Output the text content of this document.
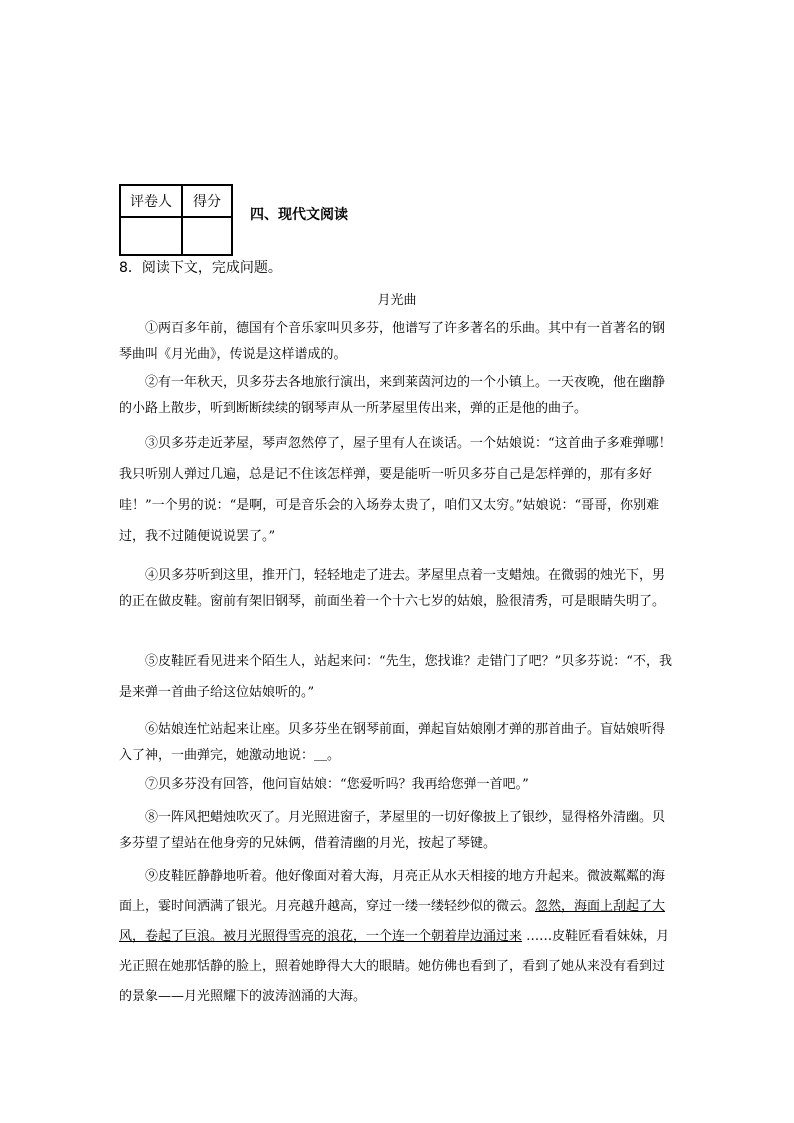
评卷人	得分

四、现代文阅读
8．阅读下文，完成问题。
月光曲

①两百多年前，德国有个音乐家叫贝多芬，他谱写了许多著名的乐曲。其中有一首著名的钢琴曲叫《月光曲》，传说是这样谱成的。

②有一年秋天，贝多芬去各地旅行演出，来到莱茵河边的一个小镇上。一天夜晚，他在幽静的小路上散步，听到断断续续的钢琴声从一所茅屋里传出来，弹的正是他的曲子。

③贝多芬走近茅屋，琴声忽然停了，屋子里有人在谈话。一个姑娘说：“这首曲子多难弹哪！我只听别人弹过几遍，总是记不住该怎样弹，要是能听一听贝多芬自己是怎样弹的，那有多好哇！”一个男的说：“是啊，可是音乐会的入场券太贵了，咱们又太穷。”姑娘说：“哥哥，你别难过，我不过随便说说罢了。”

④贝多芬听到这里，推开门，轻轻地走了进去。茅屋里点着一支蜡烛。在微弱的烛光下，男的正在做皮鞋。窗前有架旧钢琴，前面坐着一个十六七岁的姑娘，脸很清秀，可是眼睛失明了。

⑤皮鞋匠看见进来个陌生人，站起来问：“先生，您找谁？走错门了吧？”贝多芬说：“不，我是来弹一首曲子给这位姑娘听的。”

⑥姑娘连忙站起来让座。贝多芬坐在钢琴前面，弹起盲姑娘刚才弹的那首曲子。盲姑娘听得入了神，一曲弹完，她激动地说：＿。

⑦贝多芬没有回答，他问盲姑娘：“您爱听吗？我再给您弹一首吧。”

⑧一阵风把蜡烛吹灭了。月光照进窗子，茅屋里的一切好像披上了银纱，显得格外清幽。贝多芬望了望站在他身旁的兄妹俩，借着清幽的月光，按起了琴键。

⑨皮鞋匠静静地听着。他好像面对着大海，月亮正从水天相接的地方升起来。微波粼粼的海面上，霎时间洒满了银光。月亮越升越高，穿过一缕一缕轻纱似的微云。忽然，海面上刮起了大风，卷起了巨浪。被月光照得雪亮的浪花，一个连一个朝着岸边涌过来 ……皮鞋匠看看妹妹，月光正照在她那恬静的脸上，照着她睁得大大的眼睛。她仿佛也看到了，看到了她从来没有看到过的景象——月光照耀下的波涛汹涌的大海。
